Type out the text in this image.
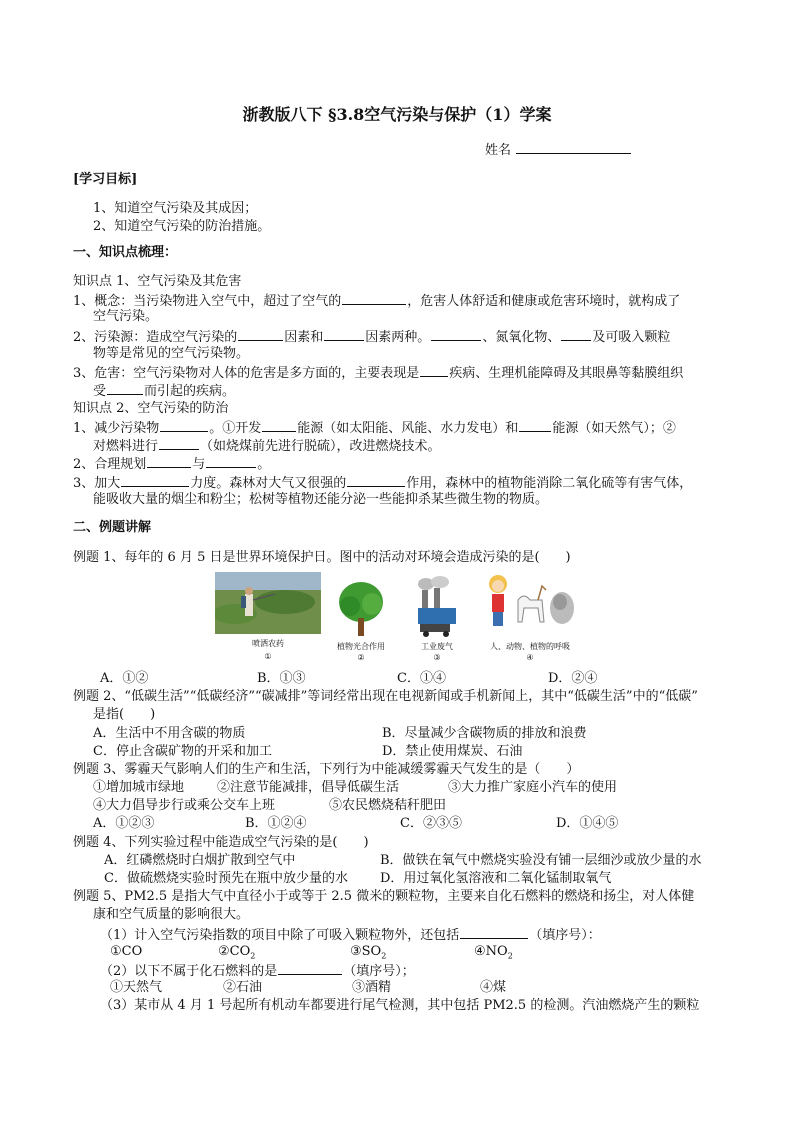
浙教版八下 §3.8空气污染与保护（1）学案
姓名
[学习目标]
1、知道空气污染及其成因；
2、知道空气污染的防治措施。
一、知识点梳理：
知识点 1、空气污染及其危害
1、概念：当污染物进入空气中，超过了空气的	，危害人体舒适和健康或危害环境时，就构成了
空气污染。
2、污染源：造成空气污染的	因素和	因素两种。	、氮氧化物、 及可吸入颗粒
物等是常见的空气污染物。
3、危害：空气污染物对人体的危害是多方面的，主要表现是 疾病、生理机能障碍及其眼鼻等黏膜组织
受	而引起的疾病。
知识点 2、空气污染的防治
1、减少污染物	。①开发	能源（如太阳能、风能、水力发电）和	能源（如天然气）；②
对燃料进行	（如烧煤前先进行脱硫），改进燃烧技术。
2、合理规划	与	。
3、加大	力度。森林对大气又很强的	作用，森林中的植物能消除二氧化硫等有害气体，
能吸收大量的烟尘和粉尘；松树等植物还能分泌一些能抑杀某些微生物的物质。
二、例题讲解
例题 1、每年的 6 月 5 日是世界环境保护日。图中的活动对环境会造成污染的是(　　)
喷洒农药
①
植物光合作用
②
工业废气
③
人、动物、植物的呼吸
④
A．①②	B．①③	C．①④	D．②④
例题 2、“低碳生活”“低碳经济”“碳减排”等词经常出现在电视新闻或手机新闻上，其中“低碳生活”中的“低碳”
是指(　　)
A．生活中不用含碳的物质	B．尽量减少含碳物质的排放和浪费
C．停止含碳矿物的开采和加工	D．禁止使用煤炭、石油
例题 3、雾霾天气影响人们的生产和生活，下列行为中能减缓雾霾天气发生的是（　　）
①增加城市绿地	②注意节能减排，倡导低碳生活	③大力推广家庭小汽车的使用
④大力倡导步行或乘公交车上班	⑤农民燃烧秸秆肥田
A．①②③	B．①②④	C．②③⑤	D．①④⑤
例题 4、下列实验过程中能造成空气污染的是(　　)
A．红磷燃烧时白烟扩散到空气中	B．做铁在氧气中燃烧实验没有铺一层细沙或放少量的水
C．做硫燃烧实验时预先在瓶中放少量的水 D．用过氧化氢溶液和二氧化锰制取氧气
例题 5、PM2.5 是指大气中直径小于或等于 2.5 微米的颗粒物，主要来自化石燃料的燃烧和扬尘，对人体健
康和空气质量的影响很大。
（1）计入空气污染指数的项目中除了可吸入颗粒物外，还包括	（填序号）：
①CO	$②CO_2$	$③SO_2$	$④NO_2$
（2）以下不属于化石燃料的是	（填序号）；
①天然气	②石油	③酒精	④煤
（3）某市从 4 月 1 号起所有机动车都要进行尾气检测，其中包括 PM2.5 的检测。汽油燃烧产生的颗粒
